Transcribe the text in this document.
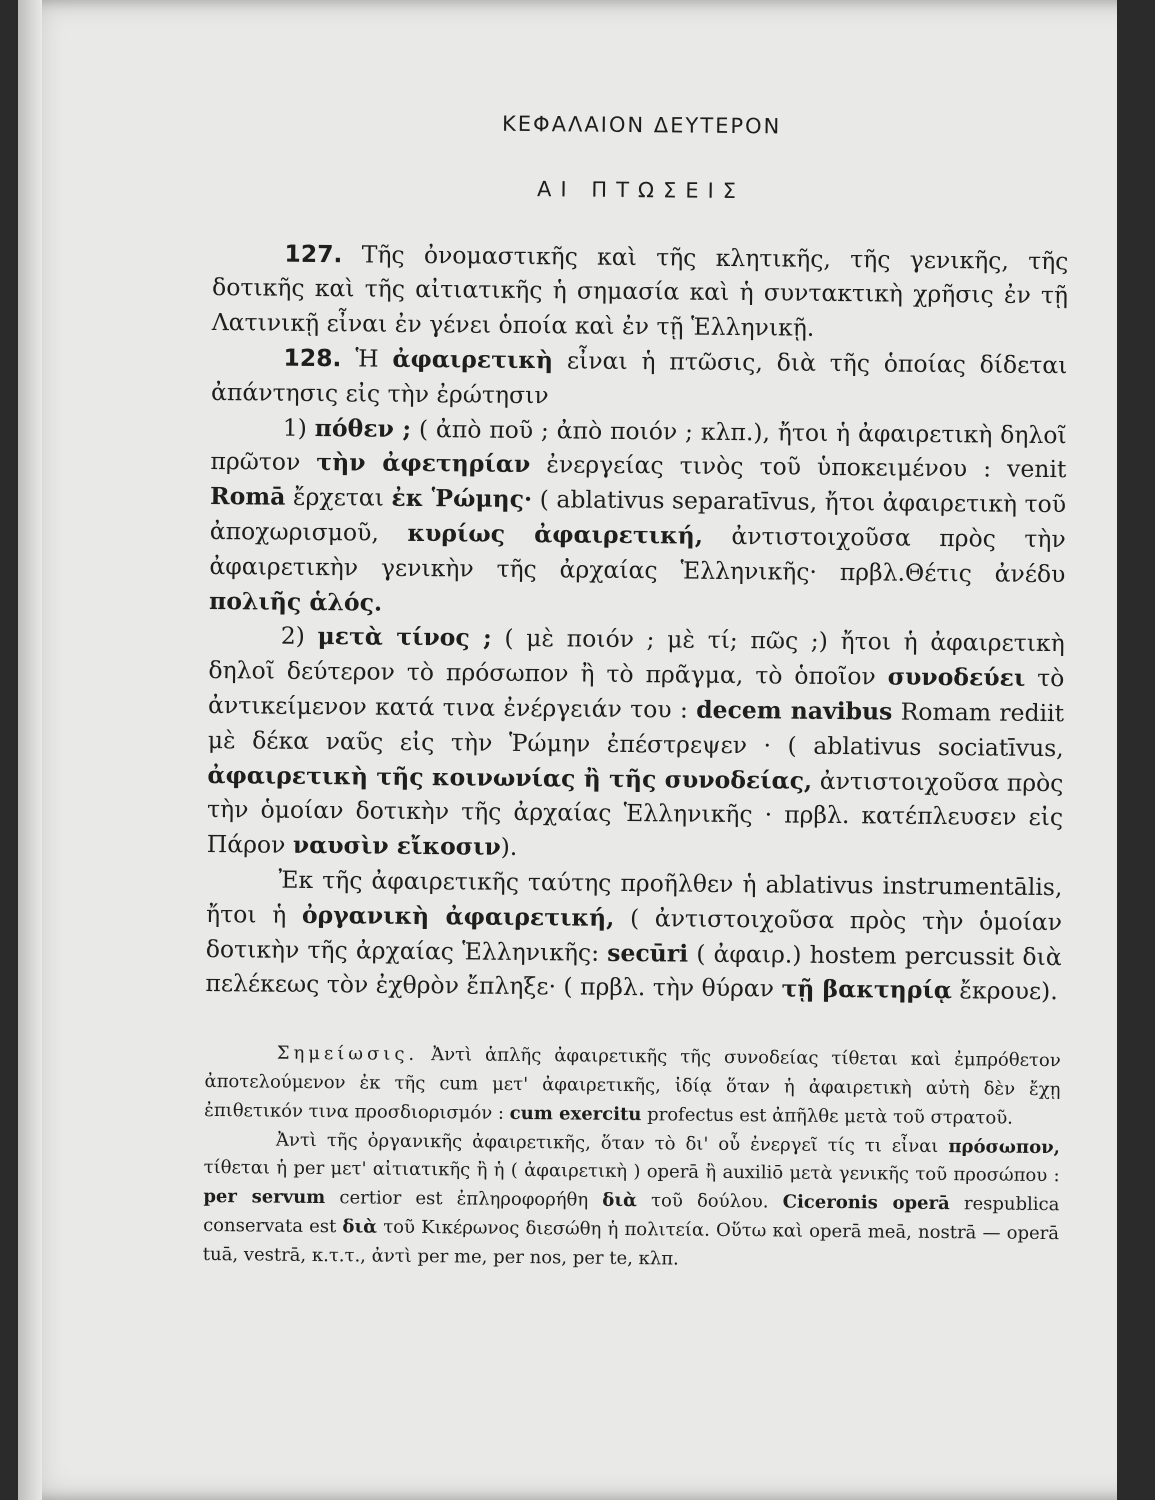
ΚΕΦΑΛΑΙΟΝ ΔΕΥΤΕΡΟΝ
ΑΙ ΠΤΩΣΕΙΣ

127. Τῆς ὀνομαστικῆς καὶ τῆς κλητικῆς, τῆς γενικῆς, τῆς δοτικῆς καὶ τῆς αἰτιατικῆς ἡ σημασία καὶ ἡ συντακτικὴ χρῆσις ἐν τῇ Λατινικῇ εἶναι ἐν γένει ὁποία καὶ ἐν τῇ Ἑλληνικῇ.

128. Ἡ ἀφαιρετικὴ εἶναι ἡ πτῶσις, διὰ τῆς ὁποίας δίδεται ἀπάντησις εἰς τὴν ἐρώτησιν

1) πόθεν ; ( ἀπὸ ποῦ ; ἀπὸ ποιόν ; κλπ.), ἤτοι ἡ ἀφαιρετικὴ δηλοῖ πρῶτον τὴν ἀφετηρίαν ἐνεργείας τινὸς τοῦ ὑποκειμένου : venit Romā ἔρχεται ἐκ Ῥώμης· ( ablativus separatīvus, ἤτοι ἀφαιρετικὴ τοῦ ἀποχωρισμοῦ, κυρίως ἀφαιρετική, ἀντιστοιχοῦσα πρὸς τὴν ἀφαιρετικὴν γενικὴν τῆς ἀρχαίας Ἑλληνικῆς· πρβλ.Θέτις ἀνέδυ πολιῆς ἁλός.

2) μετὰ τίνος ; ( μὲ ποιόν ; μὲ τί; πῶς ;) ἤτοι ἡ ἀφαιρετικὴ δηλοῖ δεύτερον τὸ πρόσωπον ἢ τὸ πρᾶγμα, τὸ ὁποῖον συνοδεύει τὸ ἀντικείμενον κατά τινα ἐνέργειάν του : decem navibus Romam rediit μὲ δέκα ναῦς εἰς τὴν Ῥώμην ἐπέστρεψεν · ( ablativus sociatīvus, ἀφαιρετικὴ τῆς κοινωνίας ἢ τῆς συνοδείας, ἀντιστοιχοῦσα πρὸς τὴν ὁμοίαν δοτικὴν τῆς ἀρχαίας Ἑλληνικῆς · πρβλ. κατέπλευσεν εἰς Πάρον ναυσὶν εἴκοσιν).

Ἐκ τῆς ἀφαιρετικῆς ταύτης προῆλθεν ἡ ablativus instrumentālis, ἤτοι ἡ ὀργανικὴ ἀφαιρετική, ( ἀντιστοιχοῦσα πρὸς τὴν ὁμοίαν δοτικὴν τῆς ἀρχαίας Ἑλληνικῆς: secūri ( ἀφαιρ.) hostem percussit διὰ πελέκεως τὸν ἐχθρὸν ἔπληξε· ( πρβλ. τὴν θύραν τῇ βακτηρίᾳ ἔκρουε).

Σημείωσις. Ἀντὶ ἁπλῆς ἀφαιρετικῆς τῆς συνοδείας τίθεται καὶ ἐμπρόθετον ἀποτελούμενον ἐκ τῆς cum μετ' ἀφαιρετικῆς, ἰδίᾳ ὅταν ἡ ἀφαιρετικὴ αὐτὴ δὲν ἔχῃ ἐπιθετικόν τινα προσδιορισμόν : cum exercitu profectus est ἀπῆλθε μετὰ τοῦ στρατοῦ.

Ἀντὶ τῆς ὀργανικῆς ἀφαιρετικῆς, ὅταν τὸ δι' οὗ ἐνεργεῖ τίς τι εἶναι πρόσωπον, τίθεται ἡ per μετ' αἰτιατικῆς ἢ ἡ ( ἀφαιρετικὴ ) operā ἢ auxiliō μετὰ γενικῆς τοῦ προσώπου : per servum certior est ἐπληροφορήθη διὰ τοῦ δούλου. Ciceronis operā respublica conservata est διὰ τοῦ Κικέρωνος διεσώθη ἡ πολιτεία. Οὕτω καὶ operā meā, nostrā — operā tuā, vestrā, κ.τ.τ., ἀντὶ per me, per nos, per te, κλπ.
